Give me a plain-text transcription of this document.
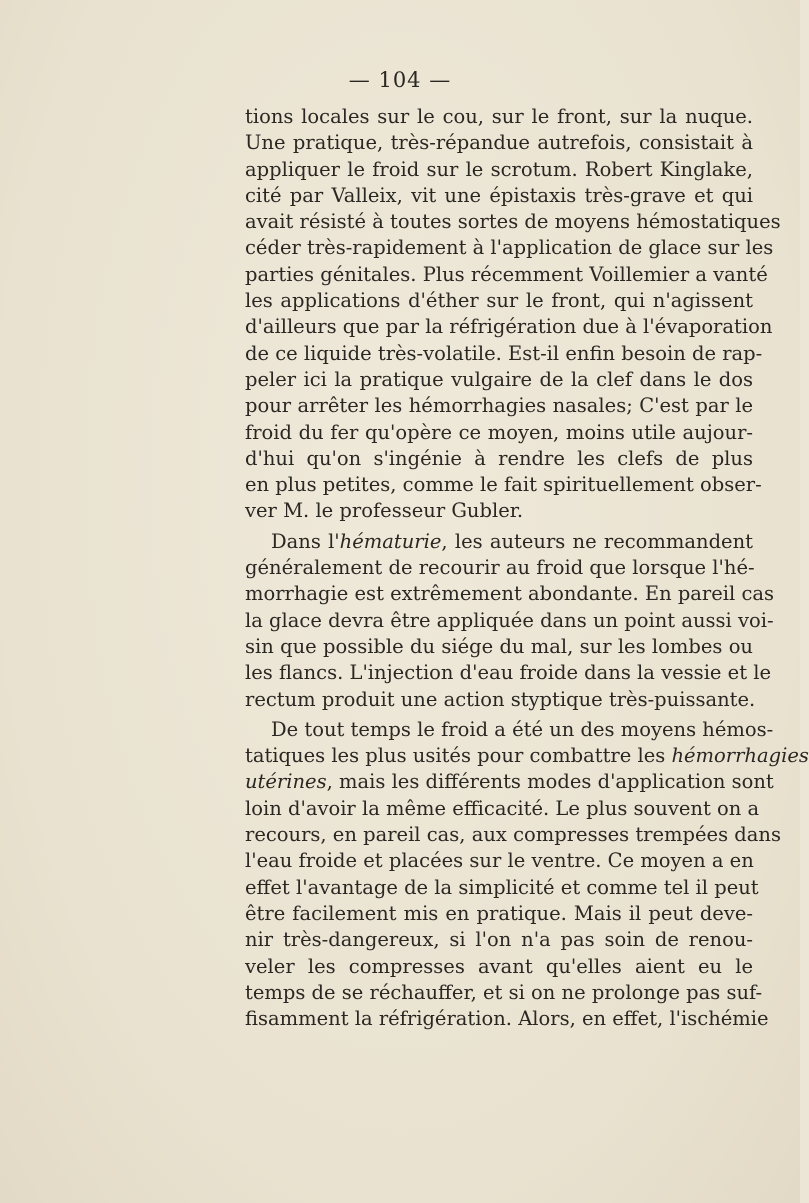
— 104 —
tions locales sur le cou, sur le front, sur la nuque.
Une pratique, très-répandue autrefois, consistait à
appliquer le froid sur le scrotum. Robert Kinglake,
cité par Valleix, vit une épistaxis très-grave et qui
avait résisté à toutes sortes de moyens hémostatiques
céder très-rapidement à l'application de glace sur les
parties génitales. Plus récemment Voillemier a vanté
les applications d'éther sur le front, qui n'agissent
d'ailleurs que par la réfrigération due à l'évaporation
de ce liquide très-volatile. Est-il enfin besoin de rap-
peler ici la pratique vulgaire de la clef dans le dos
pour arrêter les hémorrhagies nasales; C'est par le
froid du fer qu'opère ce moyen, moins utile aujour-
d'hui qu'on s'ingénie à rendre les clefs de plus
en plus petites, comme le fait spirituellement obser-
ver M. le professeur Gubler.
Dans l'hématurie, les auteurs ne recommandent
généralement de recourir au froid que lorsque l'hé-
morrhagie est extrêmement abondante. En pareil cas
la glace devra être appliquée dans un point aussi voi-
sin que possible du siége du mal, sur les lombes ou
les flancs. L'injection d'eau froide dans la vessie et le
rectum produit une action styptique très-puissante.
De tout temps le froid a été un des moyens hémos-
tatiques les plus usités pour combattre les hémorrhagies
utérines, mais les différents modes d'application sont
loin d'avoir la même efficacité. Le plus souvent on a
recours, en pareil cas, aux compresses trempées dans
l'eau froide et placées sur le ventre. Ce moyen a en
effet l'avantage de la simplicité et comme tel il peut
être facilement mis en pratique. Mais il peut deve-
nir très-dangereux, si l'on n'a pas soin de renou-
veler les compresses avant qu'elles aient eu le
temps de se réchauffer, et si on ne prolonge pas suf-
fisamment la réfrigération. Alors, en effet, l'ischémie
